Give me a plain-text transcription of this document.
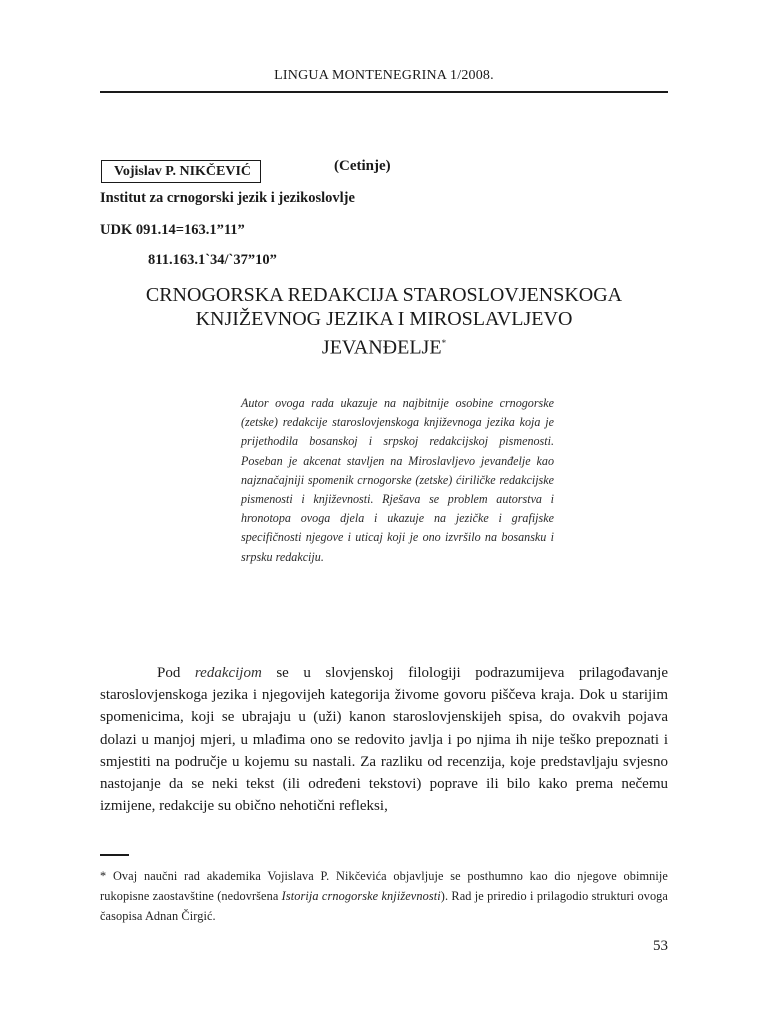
LINGUA MONTENEGRINA 1/2008.
Vojislav P. NIKČEVIĆ	(Cetinje)
Institut za crnogorski jezik i jezikoslovlje
UDK 091.14=163.1”11”
811.163.1`34/`37”10”
CRNOGORSKA REDAKCIJA STAROSLOVJENSKOGA
KNJIŽEVNOG JEZIKA I MIROSLAVLJEVO
JEVANĐELJE*
Autor ovoga rada ukazuje na najbitnije osobine crnogorske (zetske) redakcije staroslovjenskoga književnoga jezika koja je prijethodila bosanskoj i srpskoj redakcijskoj pismenosti. Poseban je akcenat stavljen na Miroslavljevo jevanđelje kao najznačajniji spomenik crnogorske (zetske) ćiriličke redakcijske pismenosti i književnosti. Rješava se problem autorstva i hronotopa ovoga djela i ukazuje na jezičke i grafijske specifičnosti njegove i uticaj koji je ono izvršilo na bosansku i srpsku redakciju.

Pod redakcijom se u slovjenskoj filologiji podrazumijeva prilagođavanje staroslovjenskoga jezika i njegovijeh kategorija živome govoru piščeva kraja. Dok u starijim spomenicima, koji se ubrajaju u (uži) kanon staroslovjenskijeh spisa, do ovakvih pojava dolazi u manjoj mjeri, u mlađima ono se redovito javlja i po njima ih nije teško prepoznati i smjestiti na područje u kojemu su nastali. Za razliku od recenzija, koje predstavljaju svjesno nastojanje da se neki tekst (ili određeni tekstovi) poprave ili bilo kako prema nečemu izmijene, redakcije su obično nehotični refleksi,

* Ovaj naučni rad akademika Vojislava P. Nikčevića objavljuje se posthumno kao dio njegove obimnije rukopisne zaostavštine (nedovršena Istorija crnogorske književnosti). Rad je priredio i prilagodio strukturi ovoga časopisa Adnan Čirgić.
53
